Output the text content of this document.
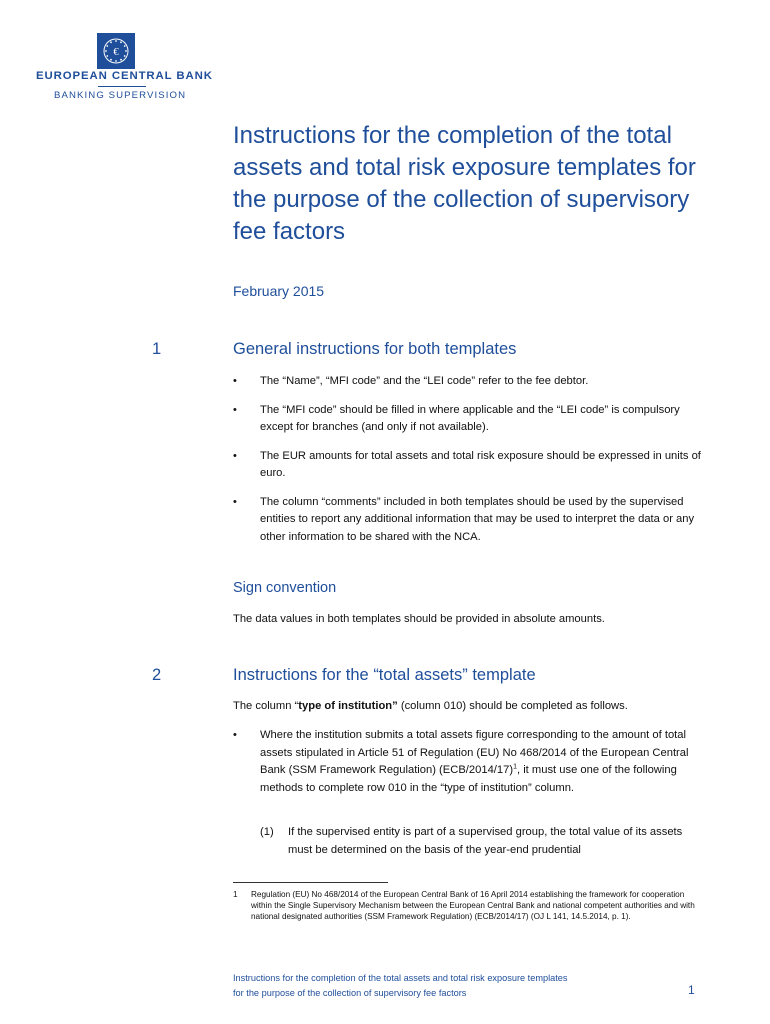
€
EUROPEAN CENTRAL BANK
BANKING SUPERVISION
Instructions for the completion of the total assets and total risk exposure templates for the purpose of the collection of supervisory fee factors
February 2015
1	General instructions for both templates
• The “Name”, “MFI code” and the “LEI code” refer to the fee debtor.
• The “MFI code” should be filled in where applicable and the “LEI code” is compulsory except for branches (and only if not available).
• The EUR amounts for total assets and total risk exposure should be expressed in units of euro.
• The column “comments” included in both templates should be used by the supervised entities to report any additional information that may be used to interpret the data or any other information to be shared with the NCA.
Sign convention
The data values in both templates should be provided in absolute amounts.
2	Instructions for the “total assets” template
The column “type of institution” (column 010) should be completed as follows.
• Where the institution submits a total assets figure corresponding to the amount of total assets stipulated in Article 51 of Regulation (EU) No 468/2014 of the European Central Bank (SSM Framework Regulation) $(ECB/2014/17)^1$, it must use one of the following methods to complete row 010 in the “type of institution” column.
(1)	If the supervised entity is part of a supervised group, the total value of its assets must be determined on the basis of the year-end prudential
1	Regulation (EU) No 468/2014 of the European Central Bank of 16 April 2014 establishing the framework for cooperation within the Single Supervisory Mechanism between the European Central Bank and national competent authorities and with national designated authorities (SSM Framework Regulation) (ECB/2014/17) (OJ L 141, 14.5.2014, p. 1).
Instructions for the completion of the total assets and total risk exposure templates
for the purpose of the collection of supervisory fee factors	1
